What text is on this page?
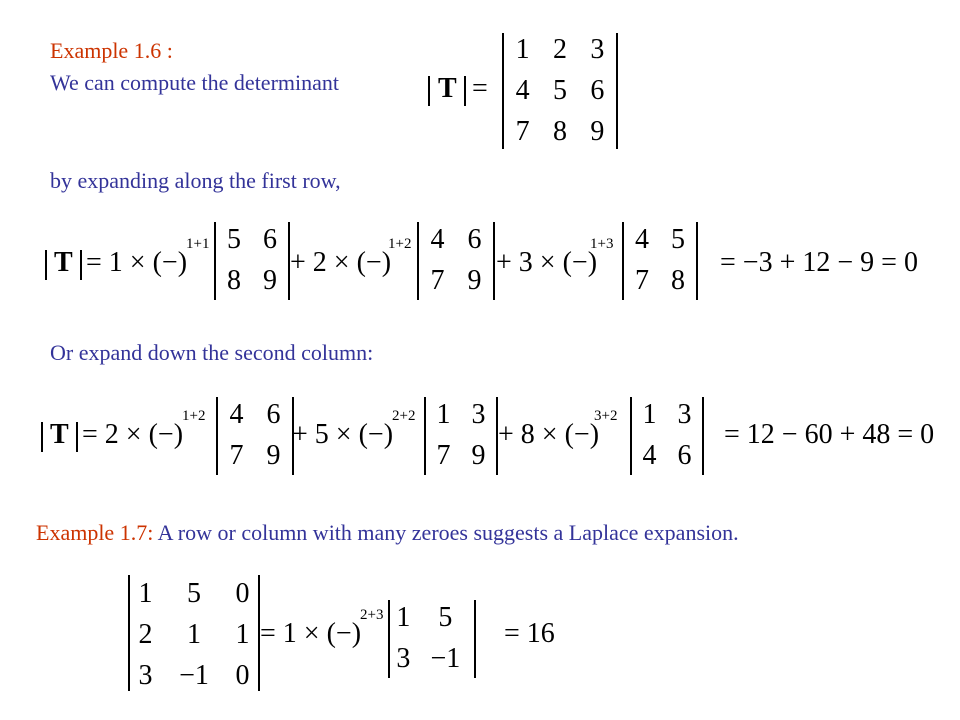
Example 1.6 :
We can compute the determinant	T =
1	2	3
4	5	6
7	8	9
by expanding along the first row,
T = 1 × (−)
1+1
+ 2 × (−)
1+2
+ 3 × (−)
1+3
= −3 + 12 − 9 = 0
5	6
8	9
4	6
7	9
4	5
7	8
Or expand down the second column:
T = 2 × (−)
1+2
+ 5 × (−)
2+2
+ 8 × (−)
3+2
= 12 − 60 + 48 = 0
4	6
7	9
1	3
7	9
1	3
4	6
Example 1.7: A row or column with many zeroes suggests a Laplace expansion.
1	5	0
2	1	1
3	−1	0
= 1 × (−)
2+3 1	5
3	−1
= 16
